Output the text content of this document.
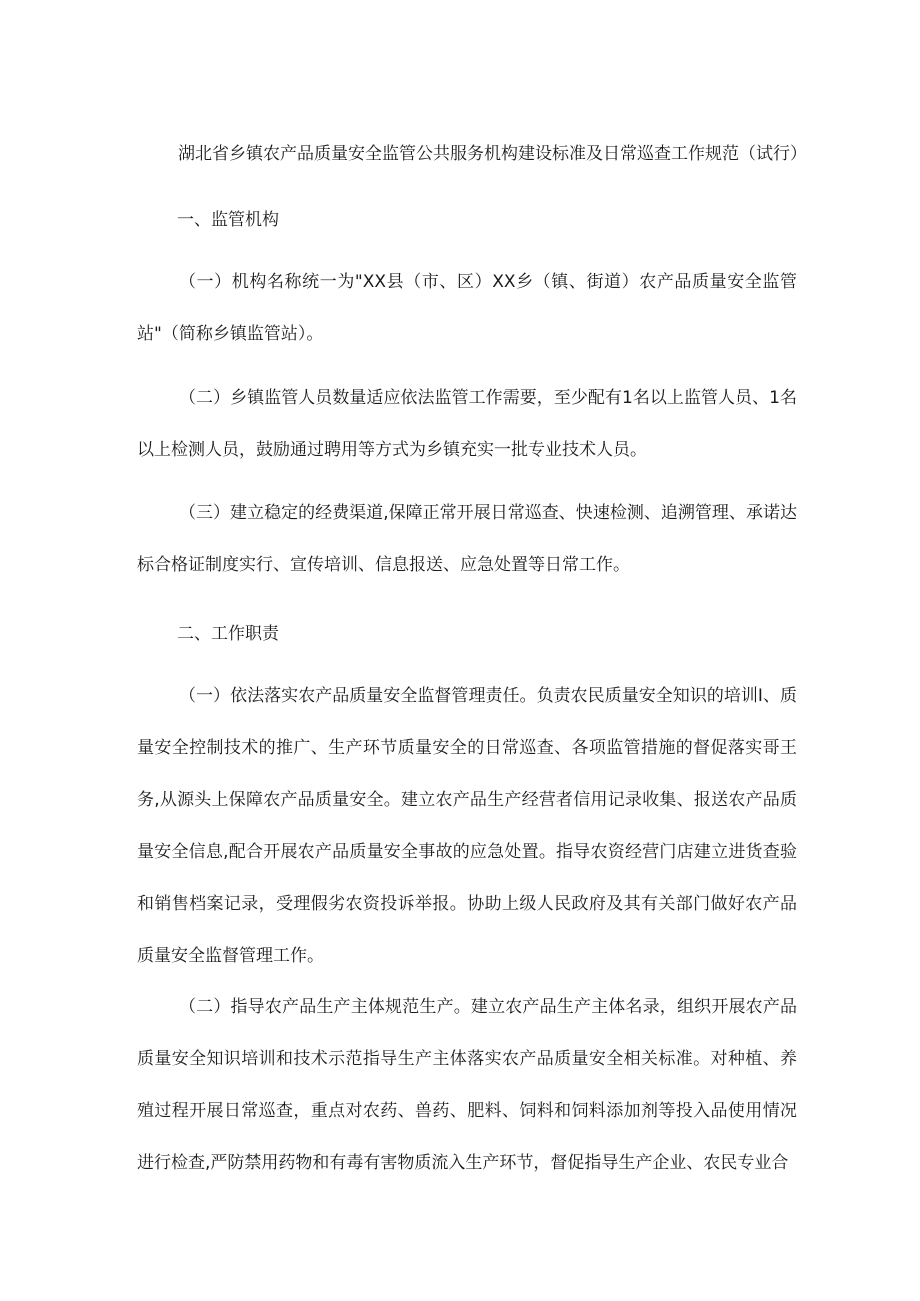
湖北省乡镇农产品质量安全监管公共服务机构建设标准及日常巡查工作规范（试行）
一、监管机构

（一）机构名称统一为"XX县（市、区）XX乡（镇、街道）农产品质量安全监管站"（简称乡镇监管站）。

（二）乡镇监管人员数量适应依法监管工作需要，至少配有1名以上监管人员、1名以上检测人员，鼓励通过聘用等方式为乡镇充实一批专业技术人员。

（三）建立稳定的经费渠道,保障正常开展日常巡查、快速检测、追溯管理、承诺达标合格证制度实行、宣传培训、信息报送、应急处置等日常工作。

二、工作职责

（一）依法落实农产品质量安全监督管理责任。负责农民质量安全知识的培训I、质量安全控制技术的推广、生产环节质量安全的日常巡查、各项监管措施的督促落实哥王务,从源头上保障农产品质量安全。建立农产品生产经营者信用记录收集、报送农产品质量安全信息,配合开展农产品质量安全事故的应急处置。指导农资经营门店建立进货查验和销售档案记录，受理假劣农资投诉举报。协助上级人民政府及其有关部门做好农产品质量安全监督管理工作。

（二）指导农产品生产主体规范生产。建立农产品生产主体名录，组织开展农产品质量安全知识培训和技术示范指导生产主体落实农产品质量安全相关标准。对种植、养殖过程开展日常巡查，重点对农药、兽药、肥料、饲料和饲料添加剂等投入品使用情况进行检查,严防禁用药物和有毒有害物质流入生产环节，督促指导生产企业、农民专业合
